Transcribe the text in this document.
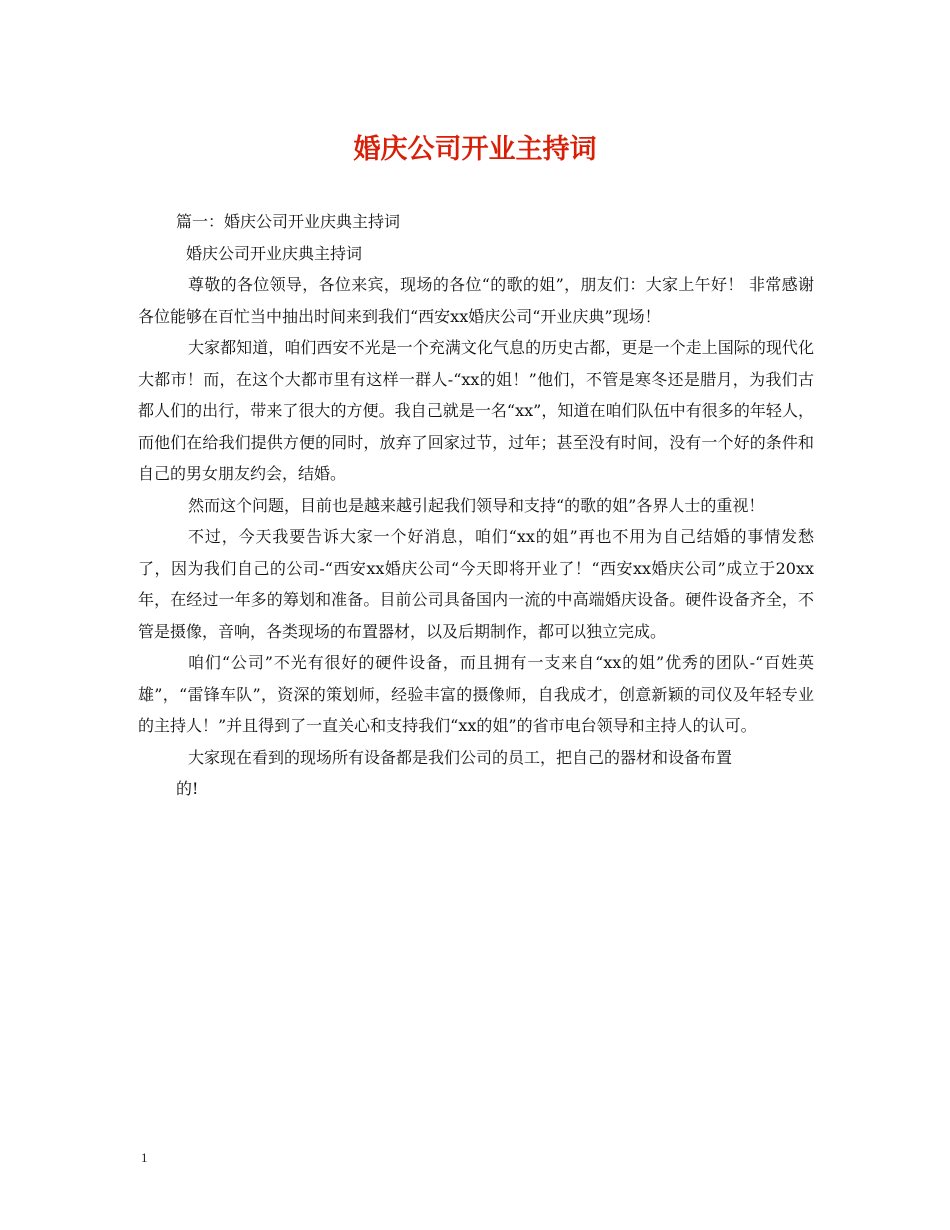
婚庆公司开业主持词

篇一：婚庆公司开业庆典主持词

婚庆公司开业庆典主持词

尊敬的各位领导，各位来宾，现场的各位“的歌的姐”，朋友们：大家上午好！ 非常感谢各位能够在百忙当中抽出时间来到我们“西安xx婚庆公司“开业庆典”现场！

大家都知道，咱们西安不光是一个充满文化气息的历史古都，更是一个走上国际的现代化大都市！而，在这个大都市里有这样一群人-“xx的姐！”他们，不管是寒冬还是腊月，为我们古都人们的出行，带来了很大的方便。我自己就是一名“xx”，知道在咱们队伍中有很多的年轻人，而他们在给我们提供方便的同时，放弃了回家过节，过年；甚至没有时间，没有一个好的条件和自己的男女朋友约会，结婚。

然而这个问题，目前也是越来越引起我们领导和支持“的歌的姐”各界人士的重视！

不过，今天我要告诉大家一个好消息，咱们“xx的姐”再也不用为自己结婚的事情发愁了，因为我们自己的公司-“西安xx婚庆公司“今天即将开业了！“西安xx婚庆公司”成立于20xx年，在经过一年多的筹划和准备。目前公司具备国内一流的中高端婚庆设备。硬件设备齐全，不管是摄像，音响，各类现场的布置器材，以及后期制作，都可以独立完成。

咱们“公司”不光有很好的硬件设备，而且拥有一支来自“xx的姐”优秀的团队-“百姓英雄”，“雷锋车队”，资深的策划师，经验丰富的摄像师，自我成才，创意新颖的司仪及年轻专业的主持人！”并且得到了一直关心和支持我们“xx的姐”的省市电台领导和主持人的认可。

大家现在看到的现场所有设备都是我们公司的员工，把自己的器材和设备布置

的!

1
